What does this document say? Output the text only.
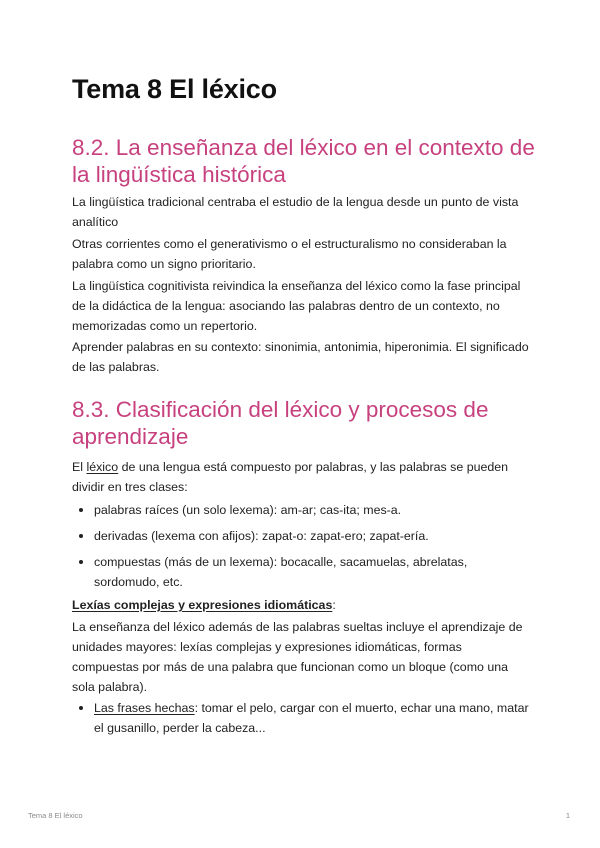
Tema 8 El léxico
8.2. La enseñanza del léxico en el contexto de la lingüística histórica

La lingüística tradicional centraba el estudio de la lengua desde un punto de vista analítico

Otras corrientes como el generativismo o el estructuralismo no consideraban la palabra como un signo prioritario.

La lingüística cognitivista reivindica la enseñanza del léxico como la fase principal de la didáctica de la lengua: asociando las palabras dentro de un contexto, no memorizadas como un repertorio.

Aprender palabras en su contexto: sinonimia, antonimia, hiperonimia. El significado de las palabras.

8.3. Clasificación del léxico y procesos de aprendizaje

El léxico de una lengua está compuesto por palabras, y las palabras se pueden dividir en tres clases:

palabras raíces (un solo lexema): am-ar; cas-ita; mes-a.
derivadas (lexema con afijos): zapat-o: zapat-ero; zapat-ería.
compuestas (más de un lexema): bocacalle, sacamuelas, abrelatas, sordomudo, etc.

Lexías complejas y expresiones idiomáticas:

La enseñanza del léxico además de las palabras sueltas incluye el aprendizaje de unidades mayores: lexías complejas y expresiones idiomáticas, formas compuestas por más de una palabra que funcionan como un bloque (como una sola palabra).

Las frases hechas: tomar el pelo, cargar con el muerto, echar una mano, matar el gusanillo, perder la cabeza...
Tema 8 El léxico	1
